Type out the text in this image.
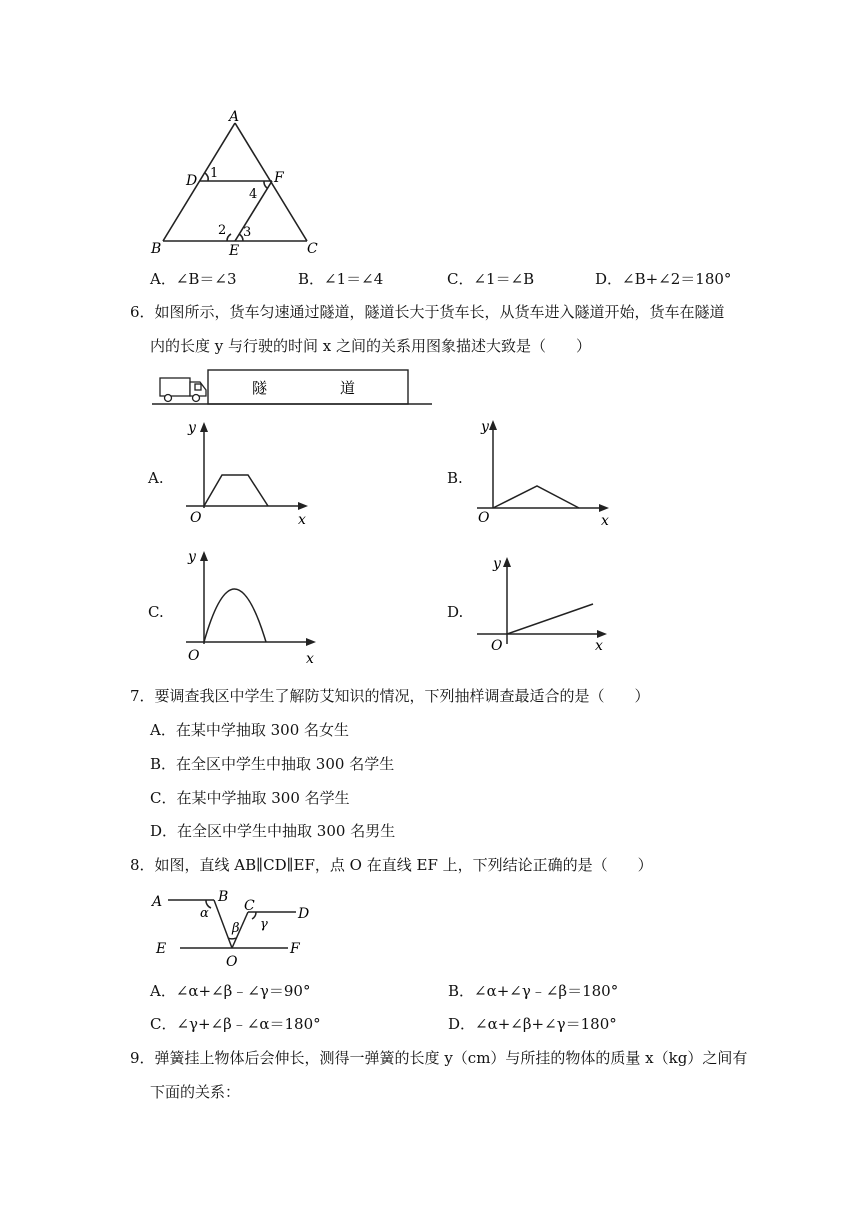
A
D	F
B	E	C
1
2 3
4
A．∠B＝∠3	B．∠1＝∠4	C．∠1＝∠B	D．∠B+∠2＝180°
6．如图所示，货车匀速通过隧道，隧道长大于货车长，从货车进入隧道开始，货车在隧道
内的长度 y 与行驶的时间 x 之间的关系用图象描述大致是（　　）
隧	道
A.	B.
C.	D.
y
x
O
y
x
O
y
x
O
y
x
O
7．要调查我区中学生了解防艾知识的情况，下列抽样调查最适合的是（　　）
A．在某中学抽取 300 名女生
B．在全区中学生中抽取 300 名学生
C．在某中学抽取 300 名学生
D．在全区中学生中抽取 300 名男生
8．如图，直线 AB∥CD∥EF，点 O 在直线 EF 上，下列结论正确的是（　　）
A	B
C	D
E	F
O
α
β γ
A．∠α+∠β﹣∠γ＝90°	B．∠α+∠γ﹣∠β＝180°
C．∠γ+∠β﹣∠α＝180°	D．∠α+∠β+∠γ＝180°
9．弹簧挂上物体后会伸长，测得一弹簧的长度 y（cm）与所挂的物体的质量 x（kg）之间有
下面的关系：
